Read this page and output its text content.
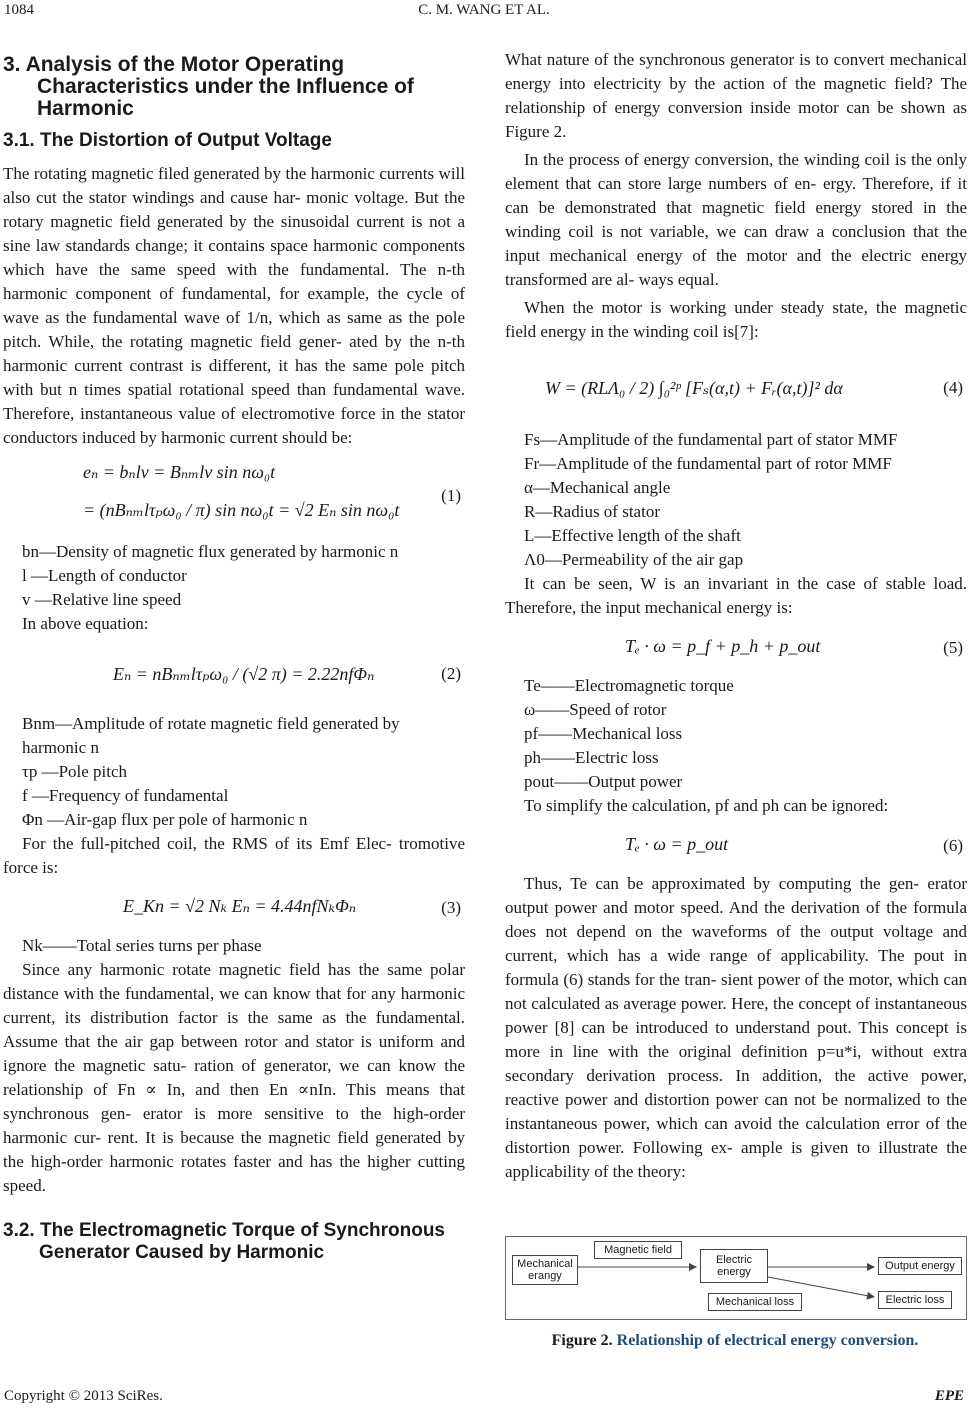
1084	C. M. WANG ET AL.
3. Analysis of the Motor Operating
Characteristics under the Influence of
Harmonic
3.1. The Distortion of Output Voltage

The rotating magnetic filed generated by the harmonic currents will also cut the stator windings and cause har- monic voltage. But the rotary magnetic field generated by the sinusoidal current is not a sine law standards change; it contains space harmonic components which have the same speed with the fundamental. The n-th harmonic component of fundamental, for example, the cycle of wave as the fundamental wave of 1/n, which as same as the pole pitch. While, the rotating magnetic field gener- ated by the n-th harmonic current contrast is different, it has the same pole pitch with but n times spatial rotational speed than fundamental wave. Therefore, instantaneous value of electromotive force in the stator conductors induced by harmonic current should be:

eₙ = bₙlv = Bₙₘlv sin nω₀t
= (nBₙₘlτₚω₀ / π) sin nω₀t = √2 Eₙ sin nω₀t
(1)
bn—Density of magnetic flux generated by harmonic n
l —Length of conductor
v —Relative line speed
In above equation:
Eₙ = nBₙₘlτₚω₀ / (√2 π) = 2.22nfΦₙ	(2)
Bnm—Amplitude of rotate magnetic field generated by harmonic n
τp —Pole pitch
f —Frequency of fundamental
Φn —Air-gap flux per pole of harmonic n

For the full-pitched coil, the RMS of its Emf Elec- tromotive force is:

E_Kn = √2 Nₖ Eₙ = 4.44nfNₖΦₙ	(3)
Nk——Total series turns per phase

Since any harmonic rotate magnetic field has the same polar distance with the fundamental, we can know that for any harmonic current, its distribution factor is the same as the fundamental. Assume that the air gap between rotor and stator is uniform and ignore the magnetic satu- ration of generator, we can know the relationship of Fn ∝ In, and then En ∝nIn. This means that synchronous gen- erator is more sensitive to the high-order harmonic cur- rent. It is because the magnetic field generated by the high-order harmonic rotates faster and has the higher cutting speed.

3.2. The Electromagnetic Torque of Synchronous
Generator Caused by Harmonic

What nature of the synchronous generator is to convert mechanical energy into electricity by the action of the magnetic field? The relationship of energy conversion inside motor can be shown as Figure 2.

In the process of energy conversion, the winding coil is the only element that can store large numbers of en- ergy. Therefore, if it can be demonstrated that magnetic field energy stored in the winding coil is not variable, we can draw a conclusion that the input mechanical energy of the motor and the electric energy transformed are al- ways equal.

When the motor is working under steady state, the magnetic field energy in the winding coil is[7]:

W = (RLΛ₀ / 2) ∫₀²ᵖ [Fₛ(α,t) + Fᵣ(α,t)]² dα	(4)
Fs—Amplitude of the fundamental part of stator MMF
Fr—Amplitude of the fundamental part of rotor MMF
α—Mechanical angle
R—Radius of stator
L—Effective length of the shaft
Λ0—Permeability of the air gap

It can be seen, W is an invariant in the case of stable load. Therefore, the input mechanical energy is:

Tₑ · ω = p_f + p_h + p_out	(5)
Te——Electromagnetic torque
ω——Speed of rotor
pf——Mechanical loss
ph——Electric loss
pout——Output power

To simplify the calculation, pf and ph can be ignored:

Tₑ · ω = p_out	(6)

Thus, Te can be approximated by computing the gen- erator output power and motor speed. And the derivation of the formula does not depend on the waveforms of the output voltage and current, which has a wide range of applicability. The pout in formula (6) stands for the tran- sient power of the motor, which can not calculated as average power. Here, the concept of instantaneous power [8] can be introduced to understand pout. This concept is more in line with the original definition p=u*i, without extra secondary derivation process. In addition, the active power, reactive power and distortion power can not be normalized to the instantaneous power, which can avoid the calculation error of the distortion power. Following ex- ample is given to illustrate the applicability of the theory:

Mechanical erangy
Magnetic field
Electric energy
Mechanical loss
Output energy
Electric loss
Figure 2. Relationship of electrical energy conversion.
Copyright © 2013 SciRes.	EPE
